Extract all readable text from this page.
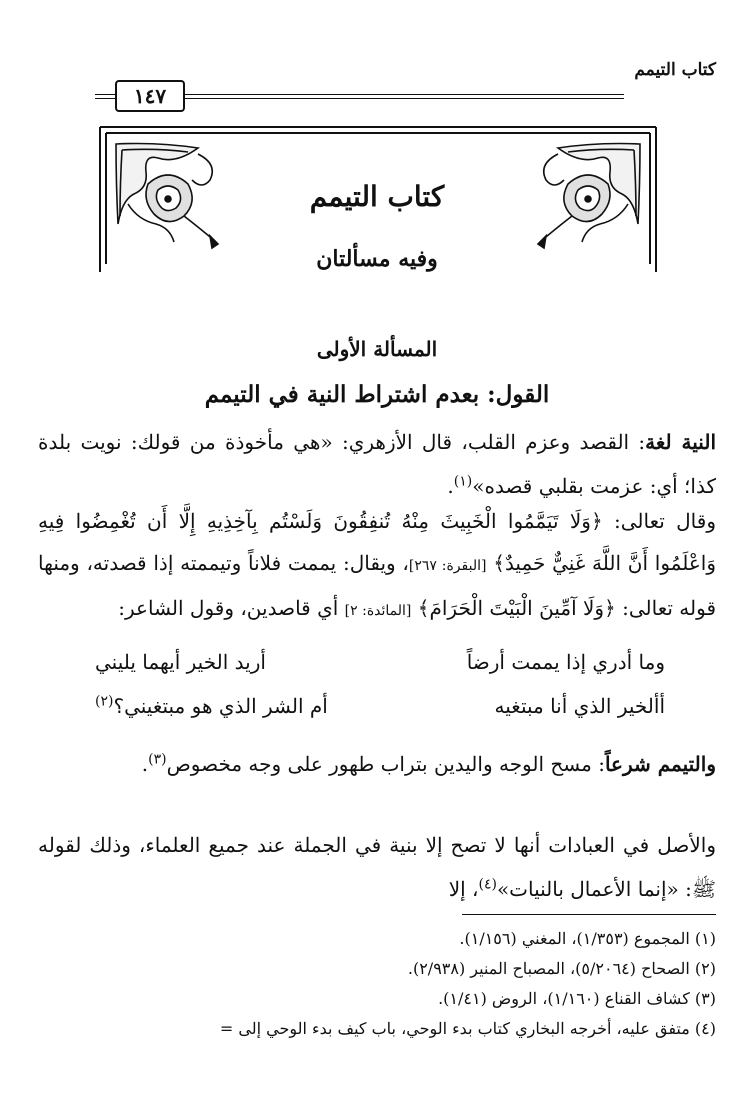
كتاب التيمم
١٤٧
كتاب التيمم
وفيه مسألتان
المسألة الأولى
القول: بعدم اشتراط النية في التيمم
النية لغة: القصد وعزم القلب، قال الأزهري: «هي مأخوذة من قولك: نويت بلدة كذا؛ أي: عزمت بقلبي قصده»$^{(١)}$.
وقال تعالى: ﴿وَلَا تَيَمَّمُوا الْخَبِيثَ مِنْهُ تُنفِقُونَ وَلَسْتُم بِآخِذِيهِ إِلَّا أَن تُغْمِضُوا فِيهِ وَاعْلَمُوا أَنَّ اللَّهَ غَنِيٌّ حَمِيدٌ﴾ [البقرة: ٢٦٧]، ويقال: يممت فلاناً وتيممته إذا قصدته، ومنها قوله تعالى: ﴿وَلَا آمِّينَ الْبَيْتَ الْحَرَامَ﴾ [المائدة: ٢] أي قاصدين، وقول الشاعر:
وما أدري إذا يممت أرضاً
أريد الخير أيهما يليني
أألخير الذي أنا مبتغيه
أم الشر الذي هو مبتغيني؟$^{(٢)}$
والتيمم شرعاً: مسح الوجه واليدين بتراب طهور على وجه مخصوص$^{(٣)}$.
والأصل في العبادات أنها لا تصح إلا بنية في الجملة عند جميع العلماء، وذلك لقوله ﷺ: «إنما الأعمال بالنيات»$^{(٤)}$، إلا
(١) المجموع (١/٣٥٣)، المغني (١/١٥٦).
(٢) الصحاح (٥/٢٠٦٤)، المصباح المنير (٢/٩٣٨).
(٣) كشاف القناع (١/١٦٠)، الروض (١/٤١).
(٤) متفق عليه، أخرجه البخاري كتاب بدء الوحي، باب كيف بدء الوحي إلى =
